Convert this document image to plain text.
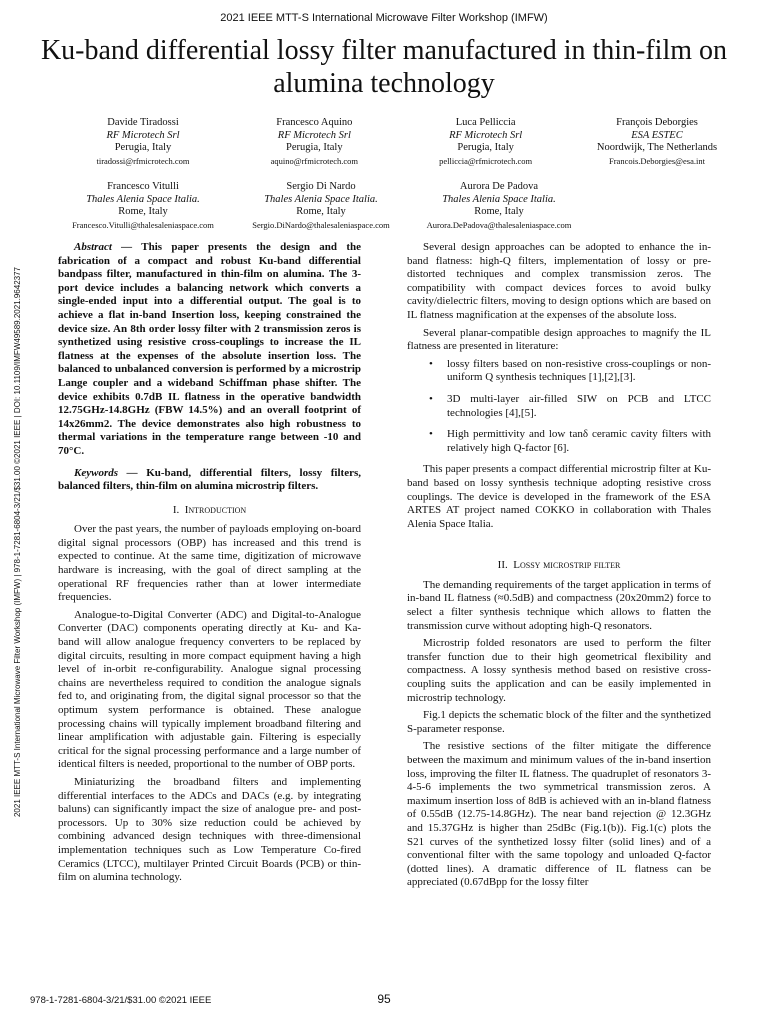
2021 IEEE MTT-S International Microwave Filter Workshop (IMFW)
Ku-band differential lossy filter manufactured in thin-film on alumina technology
2021 IEEE MTT-S International Microwave Filter Workshop (IMFW) | 978-1-7281-6804-3/21/$31.00 ©2021 IEEE | DOI: 10.1109/IMFW49589.2021.9642377
Davide Tiradossi
RF Microtech Srl
Perugia, Italy
tiradossi@rfmicrotech.com
Francesco Aquino
RF Microtech Srl
Perugia, Italy
aquino@rfmicrotech.com
Luca Pelliccia
RF Microtech Srl
Perugia, Italy
pelliccia@rfmicrotech.com
François Deborgies
ESA ESTEC
Noordwijk, The Netherlands
Francois.Deborgies@esa.int
Francesco Vitulli
Thales Alenia Space Italia.
Rome, Italy
Francesco.Vitulli@thalesaleniaspace.com
Sergio Di Nardo
Thales Alenia Space Italia.
Rome, Italy
Sergio.DiNardo@thalesaleniaspace.com
Aurora De Padova
Thales Alenia Space Italia.
Rome, Italy
Aurora.DePadova@thalesaleniaspace.com

Abstract — This paper presents the design and the fabrication of a compact and robust Ku-band differential bandpass filter, manufactured in thin-film on alumina. The 3-port device includes a balancing network which converts a single-ended input into a differential output. The goal is to achieve a flat in-band Insertion loss, keeping constrained the device size. An 8th order lossy filter with 2 transmission zeros is synthetized using resistive cross-couplings to increase the IL flatness at the expenses of the absolute insertion loss. The balanced to unbalanced conversion is performed by a microstrip Lange coupler and a wideband Schiffman phase shifter. The device exhibits 0.7dB IL flatness in the operative bandwidth 12.75GHz-14.8GHz (FBW 14.5%) and an overall footprint of 14x26mm2. The device demonstrates also high robustness to thermal variations in the temperature range between -10 and 70°C.

Keywords — Ku-band, differential filters, lossy filters, balanced filters, thin-film on alumina microstrip filters.

I. Introduction

Over the past years, the number of payloads employing on-board digital signal processors (OBP) has increased and this trend is expected to continue. At the same time, digitization of microwave hardware is increasing, with the goal of direct sampling at the operational RF frequencies rather than at lower intermediate frequencies.

Analogue-to-Digital Converter (ADC) and Digital-to-Analogue Converter (DAC) components operating directly at Ku- and Ka-band will allow analogue frequency converters to be replaced by digital circuits, resulting in more compact equipment having a high level of in-orbit re-configurability. Analogue signal processing chains are nevertheless required to condition the analogue signals fed to, and originating from, the digital signal processor so that the optimum system performance is obtained. These analogue processing chains will typically implement broadband filtering and linear amplification with adjustable gain. Filtering is especially critical for the signal processing performance and a large number of identical filters is needed, proportional to the number of OBP ports.

Miniaturizing the broadband filters and implementing differential interfaces to the ADCs and DACs (e.g. by integrating baluns) can significantly impact the size of analogue pre- and post-processors. Up to 30% size reduction could be achieved by combining advanced design techniques with three-dimensional implementation techniques such as Low Temperature Co-fired Ceramics (LTCC), multilayer Printed Circuit Boards (PCB) or thin-film on alumina technology.

Several design approaches can be adopted to enhance the in-band flatness: high-Q filters, implementation of lossy or pre-distorted techniques and complex transmission zeros. The compatibility with compact devices forces to avoid bulky cavity/dielectric filters, moving to design options which are based on IL flatness magnification at the expenses of the absolute loss.

Several planar-compatible design approaches to magnify the IL flatness are presented in literature:

• lossy filters based on non-resistive cross-couplings or non-uniform Q synthesis techniques [1],[2],[3].
• 3D multi-layer air-filled SIW on PCB and LTCC technologies [4],[5].
• High permittivity and low tanδ ceramic cavity filters with relatively high Q-factor [6].

This paper presents a compact differential microstrip filter at Ku-band based on lossy synthesis technique adopting resistive cross couplings. The device is developed in the framework of the ESA ARTES AT project named COKKO in collaboration with Thales Alenia Space Italia.

II. Lossy microstrip filter

The demanding requirements of the target application in terms of in-band IL flatness (≈0.5dB) and compactness (20x20mm2) force to select a filter synthesis technique which allows to flatten the transmission curve without adopting high-Q resonators.

Microstrip folded resonators are used to perform the filter transfer function due to their high geometrical flexibility and compactness. A lossy synthesis method based on resistive cross-coupling suits the application and can be easily implemented in microstrip technology.

Fig.1 depicts the schematic block of the filter and the synthetized S-parameter response.

The resistive sections of the filter mitigate the difference between the maximum and minimum values of the in-band insertion loss, improving the filter IL flatness. The quadruplet of resonators 3-4-5-6 implements the two symmetrical transmission zeros. A maximum insertion loss of 8dB is achieved with an in-bland flatness of 0.55dB (12.75-14.8GHz). The near band rejection @ 12.3GHz and 15.37GHz is higher than 25dBc (Fig.1(b)). Fig.1(c) plots the S21 curves of the synthetized lossy filter (solid lines) and of a conventional filter with the same topology and unloaded Q-factor (dotted lines). A dramatic difference of IL flatness can be appreciated (0.67dBpp for the lossy filter

978-1-7281-6804-3/21/$31.00 ©2021 IEEE	95
